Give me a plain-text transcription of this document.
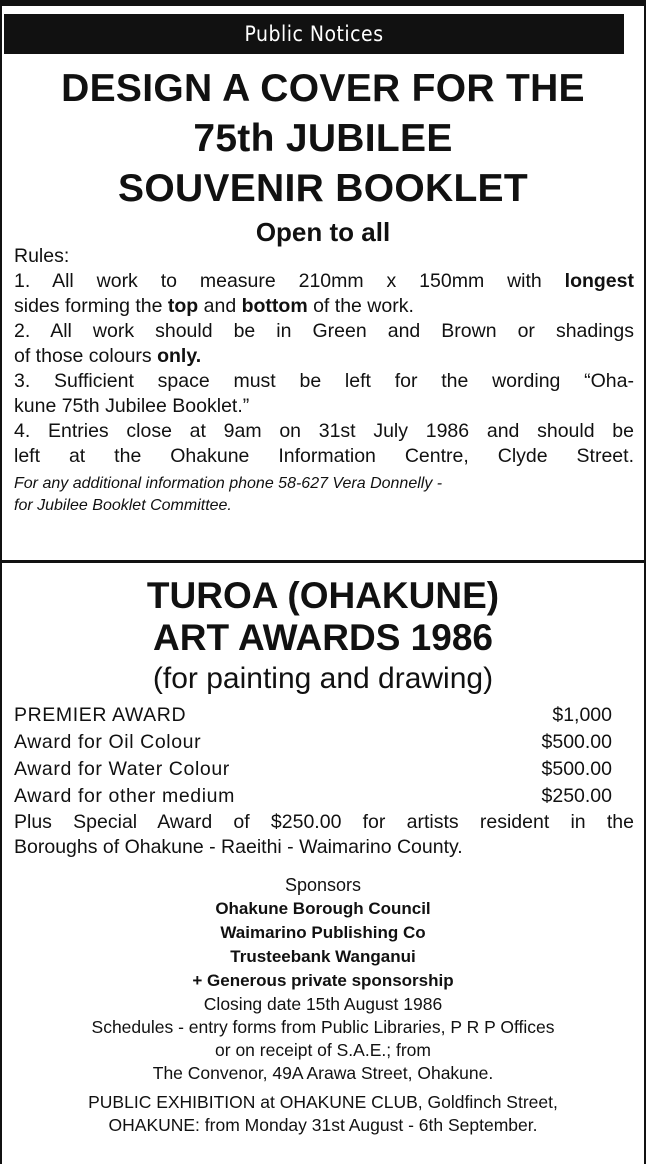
Public Notices
DESIGN A COVER FOR THE
75th JUBILEE
SOUVENIR BOOKLET
Open to all

Rules:

1. All work to measure 210mm x 150mm with longest

sides forming the top and bottom of the work.

2. All work should be in Green and Brown or shadings

of those colours only.

3. Sufficient space must be left for the wording “Oha-

kune 75th Jubilee Booklet.”

4. Entries close at 9am on 31st July 1986 and should be

left at the Ohakune Information Centre, Clyde Street.

For any additional information phone 58-627 Vera Donnelly -

for Jubilee Booklet Committee.

TUROA (OHAKUNE)
ART AWARDS 1986
(for painting and drawing)
PREMIER AWARD	$1,000
Award for Oil Colour	$500.00
Award for Water Colour	$500.00
Award for other medium	$250.00
Plus Special Award of $250.00 for artists resident in the
Boroughs of Ohakune - Raeithi - Waimarino County.
Sponsors
Ohakune Borough Council
Waimarino Publishing Co
Trusteebank Wanganui
+ Generous private sponsorship
Closing date 15th August 1986
Schedules - entry forms from Public Libraries, P R P Offices
or on receipt of S.A.E.; from
The Convenor, 49A Arawa Street, Ohakune.
PUBLIC EXHIBITION at OHAKUNE CLUB, Goldfinch Street,
OHAKUNE: from Monday 31st August - 6th September.
